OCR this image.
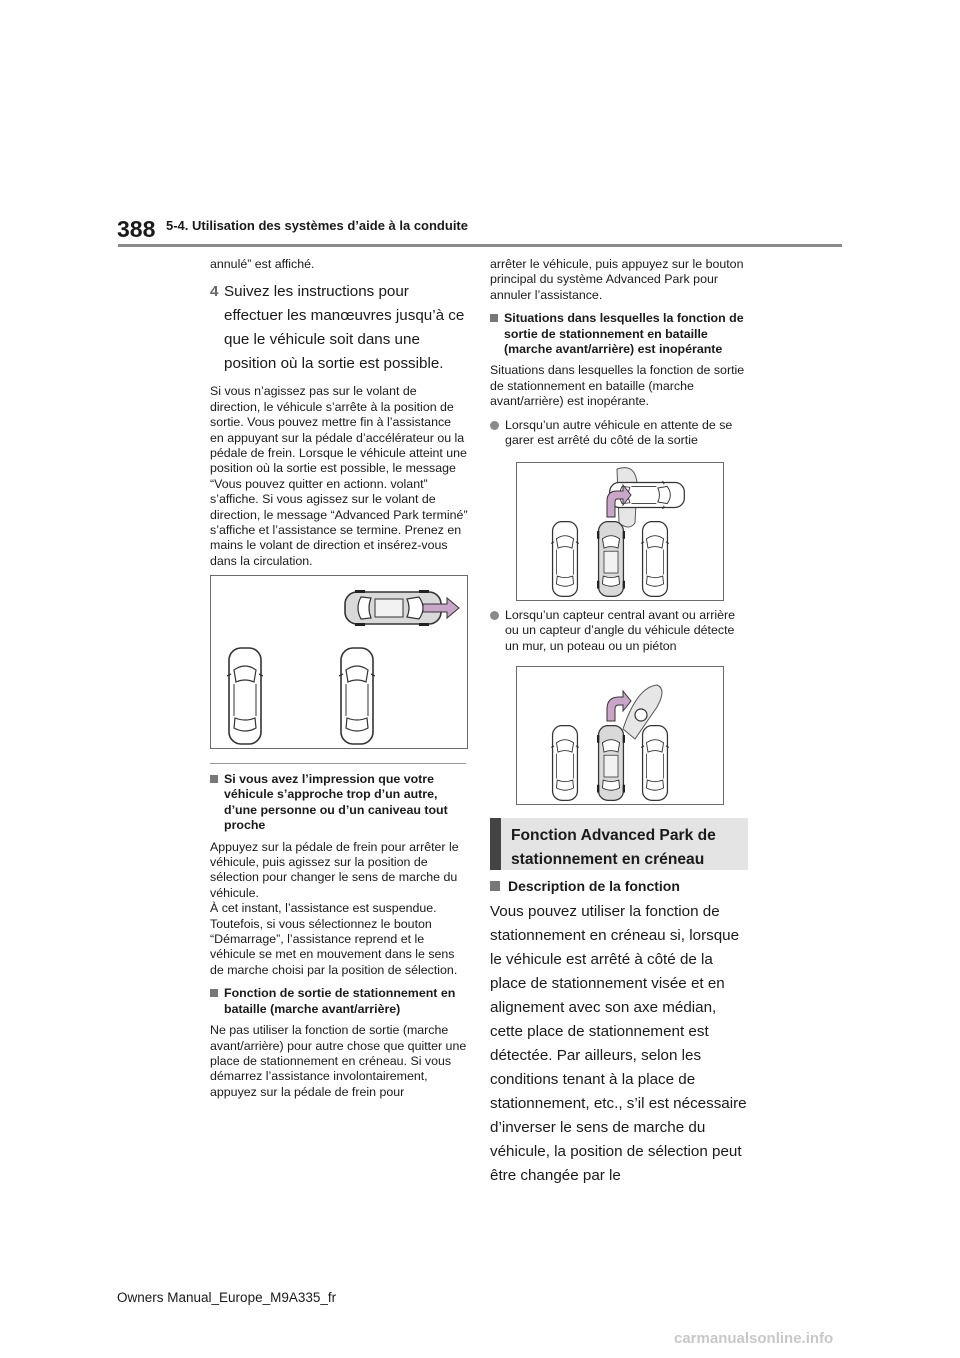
388 5-4. Utilisation des systèmes d’aide à la conduite

annulé” est affiché.

4 Suivez les instructions pour effectuer les manœuvres jusqu’à ce que le véhicule soit dans une position où la sortie est possible.

Si vous n’agissez pas sur le volant de direction, le véhicule s’arrête à la position de sortie. Vous pouvez mettre fin à l’assistance en appuyant sur la pédale d’accélérateur ou la pédale de frein. Lorsque le véhicule atteint une position où la sortie est possible, le message “Vous pouvez quitter en actionn. volant” s’affiche. Si vous agissez sur le volant de direction, le message “Advanced Park terminé” s’affiche et l’assistance se termine. Prenez en mains le volant de direction et insérez-vous dans la circulation.

Si vous avez l’impression que votre véhicule s’approche trop d’un autre, d’une personne ou d’un caniveau tout proche

Appuyez sur la pédale de frein pour arrêter le véhicule, puis agissez sur la position de sélection pour changer le sens de marche du véhicule.

À cet instant, l’assistance est suspendue. Toutefois, si vous sélectionnez le bouton “Démarrage”, l’assistance reprend et le véhicule se met en mouvement dans le sens de marche choisi par la position de sélection.

Fonction de sortie de stationnement en bataille (marche avant/arrière)

Ne pas utiliser la fonction de sortie (marche avant/arrière) pour autre chose que quitter une place de stationnement en créneau. Si vous démarrez l’assistance involontairement, appuyez sur la pédale de frein pour

arrêter le véhicule, puis appuyez sur le bouton principal du système Advanced Park pour annuler l’assistance.

Situations dans lesquelles la fonction de sortie de stationnement en bataille (marche avant/arrière) est inopérante

Situations dans lesquelles la fonction de sortie de stationnement en bataille (marche avant/arrière) est inopérante.

Lorsqu’un autre véhicule en attente de se garer est arrêté du côté de la sortie
Lorsqu’un capteur central avant ou arrière ou un capteur d’angle du véhicule détecte un mur, un poteau ou un piéton
Fonction Advanced Park de stationnement en créneau
Description de la fonction

Vous pouvez utiliser la fonction de stationnement en créneau si, lorsque le véhicule est arrêté à côté de la place de stationnement visée et en alignement avec son axe médian, cette place de stationnement est détectée. Par ailleurs, selon les conditions tenant à la place de stationnement, etc., s’il est nécessaire d’inverser le sens de marche du véhicule, la position de sélection peut être changée par le

Owners Manual_Europe_M9A335_fr
carmanualsonline.info
